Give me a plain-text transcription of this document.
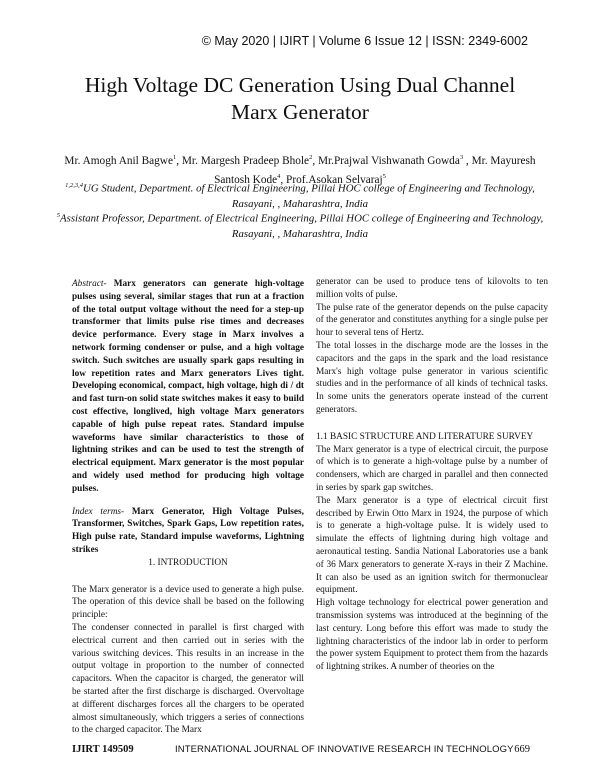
© May 2020 | IJIRT | Volume 6 Issue 12 | ISSN: 2349-6002
High Voltage DC Generation Using Dual Channel Marx Generator
Mr. Amogh Anil Bagwe$^1$, Mr. Margesh Pradeep Bhole$^2$, Mr.Prajwal Vishwanath Gowda$^3$ , Mr. Mayuresh Santosh Kode$^4$, Prof.Asokan Selvaraj$^5$
$^{1,2,3,4}$UG Student, Department. of Electrical Engineering, Pillai HOC college of Engineering and Technology, Rasayani, , Maharashtra, India
$^5$Assistant Professor, Department. of Electrical Engineering, Pillai HOC college of Engineering and Technology, Rasayani, , Maharashtra, India

Abstract- Marx generators can generate high-voltage pulses using several, similar stages that run at a fraction of the total output voltage without the need for a step-up transformer that limits pulse rise times and decreases device performance. Every stage in Marx involves a network forming condenser or pulse, and a high voltage switch. Such switches are usually spark gaps resulting in low repetition rates and Marx generators Lives tight. Developing economical, compact, high voltage, high di / dt and fast turn-on solid state switches makes it easy to build cost effective, longlived, high voltage Marx generators capable of high pulse repeat rates. Standard impulse waveforms have similar characteristics to those of lightning strikes and can be used to test the strength of electrical equipment. Marx generator is the most popular and widely used method for producing high voltage pulses.

Index terms- Marx Generator, High Voltage Pulses, Transformer, Switches, Spark Gaps, Low repetition rates, High pulse rate, Standard impulse waveforms, Lightning strikes

1. INTRODUCTION

The Marx generator is a device used to generate a high pulse. The operation of this device shall be based on the following principle:

The condenser connected in parallel is first charged with electrical current and then carried out in series with the various switching devices. This results in an increase in the output voltage in proportion to the number of connected capacitors. When the capacitor is charged, the generator will be started after the first discharge is discharged. Overvoltage at different discharges forces all the chargers to be operated almost simultaneously, which triggers a series of connections to the charged capacitor. The Marx

generator can be used to produce tens of kilovolts to ten million volts of pulse.

The pulse rate of the generator depends on the pulse capacity of the generator and constitutes anything for a single pulse per hour to several tens of Hertz.

The total losses in the discharge mode are the losses in the capacitors and the gaps in the spark and the load resistance Marx's high voltage pulse generator in various scientific studies and in the performance of all kinds of technical tasks. In some units the generators operate instead of the current generators.

1.1 BASIC STRUCTURE AND LITERATURE SURVEY

The Marx generator is a type of electrical circuit, the purpose of which is to generate a high-voltage pulse by a number of condensers, which are charged in parallel and then connected in series by spark gap switches.

The Marx generator is a type of electrical circuit first described by Erwin Otto Marx in 1924, the purpose of which is to generate a high-voltage pulse. It is widely used to simulate the effects of lightning during high voltage and aeronautical testing. Sandia National Laboratories use a bank of 36 Marx generators to generate X-rays in their Z Machine. It can also be used as an ignition switch for thermonuclear equipment.

High voltage technology for electrical power generation and transmission systems was introduced at the beginning of the last century. Long before this effort was made to study the lightning characteristics of the indoor lab in order to perform the power system Equipment to protect them from the hazards of lightning strikes. A number of theories on the

IJIRT 149509	INTERNATIONAL JOURNAL OF INNOVATIVE RESEARCH IN TECHNOLOGY 669
